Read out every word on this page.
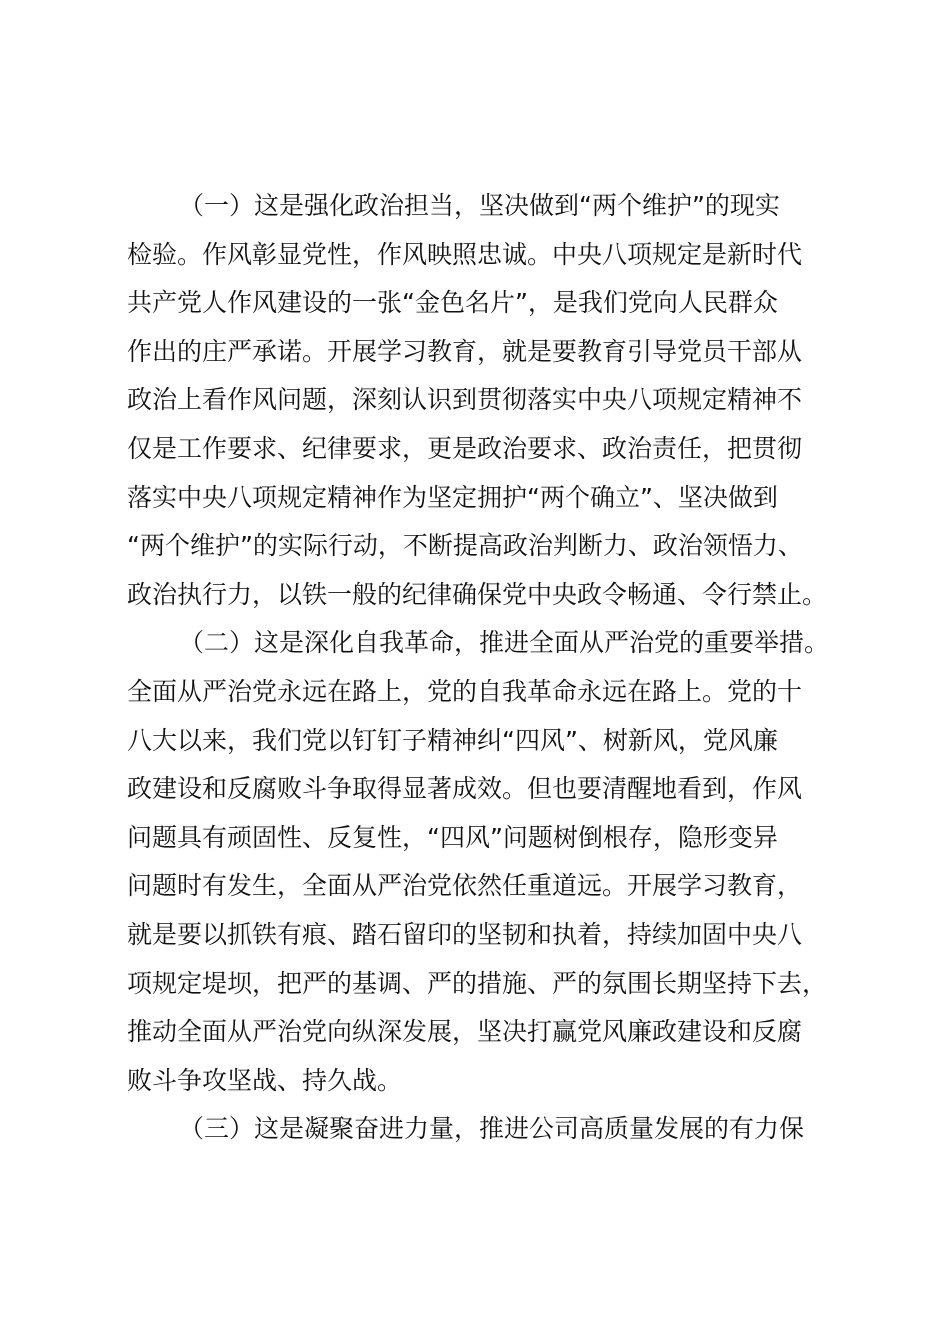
（一）这是强化政治担当，坚决做到“两个维护”的现实
检验。作风彰显党性，作风映照忠诚。中央八项规定是新时代
共产党人作风建设的一张“金色名片”，是我们党向人民群众
作出的庄严承诺。开展学习教育，就是要教育引导党员干部从
政治上看作风问题，深刻认识到贯彻落实中央八项规定精神不
仅是工作要求、纪律要求，更是政治要求、政治责任，把贯彻
落实中央八项规定精神作为坚定拥护“两个确立”、坚决做到
“两个维护”的实际行动，不断提高政治判断力、政治领悟力、
政治执行力，以铁一般的纪律确保党中央政令畅通、令行禁止。
（二）这是深化自我革命，推进全面从严治党的重要举措。
全面从严治党永远在路上，党的自我革命永远在路上。党的十
八大以来，我们党以钉钉子精神纠“四风”、树新风，党风廉
政建设和反腐败斗争取得显著成效。但也要清醒地看到，作风
问题具有顽固性、反复性，“四风”问题树倒根存，隐形变异
问题时有发生，全面从严治党依然任重道远。开展学习教育，
就是要以抓铁有痕、踏石留印的坚韧和执着，持续加固中央八
项规定堤坝，把严的基调、严的措施、严的氛围长期坚持下去，
推动全面从严治党向纵深发展，坚决打赢党风廉政建设和反腐
败斗争攻坚战、持久战。
（三）这是凝聚奋进力量，推进公司高质量发展的有力保
